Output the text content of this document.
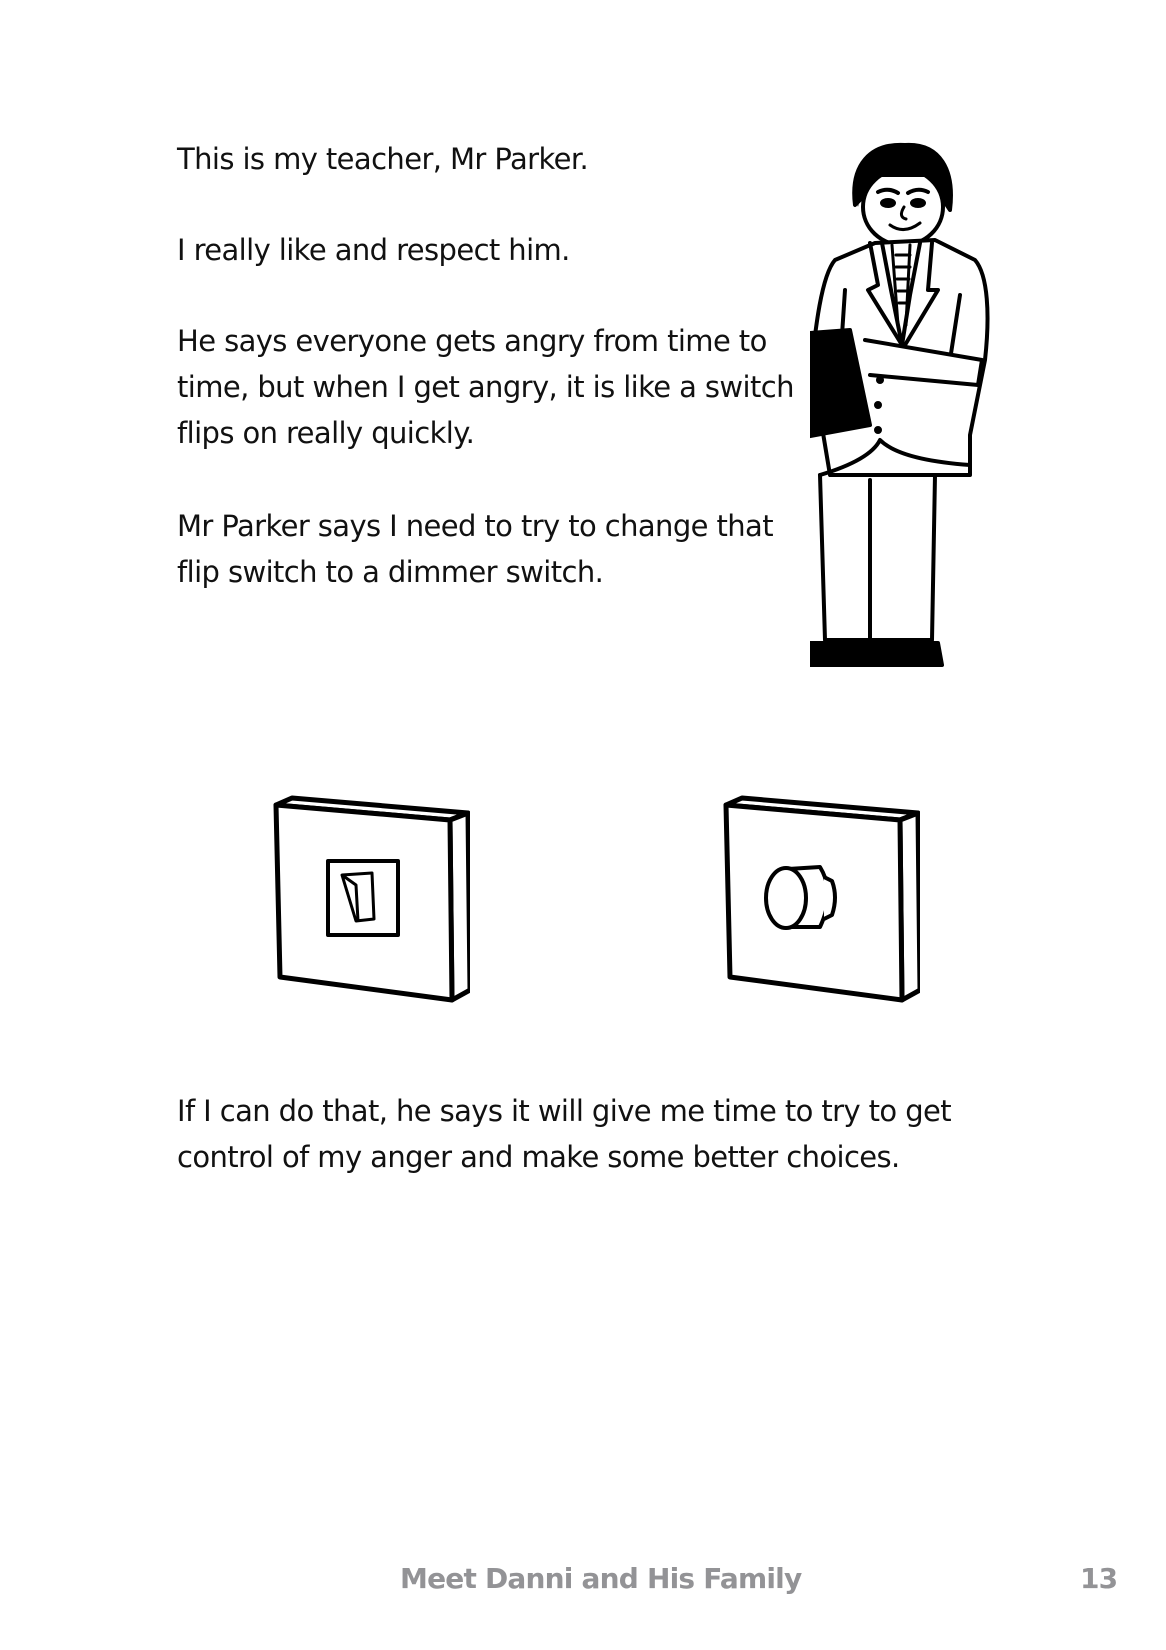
This is my teacher, Mr Parker.

I really like and respect him.

He says everyone gets angry from time to time, but when I get angry, it is like a switch flips on really quickly.

Mr Parker says I need to try to change that flip switch to a dimmer switch.

If I can do that, he says it will give me time to try to get control of my anger and make some better choices.

Meet Danni and His Family	13
